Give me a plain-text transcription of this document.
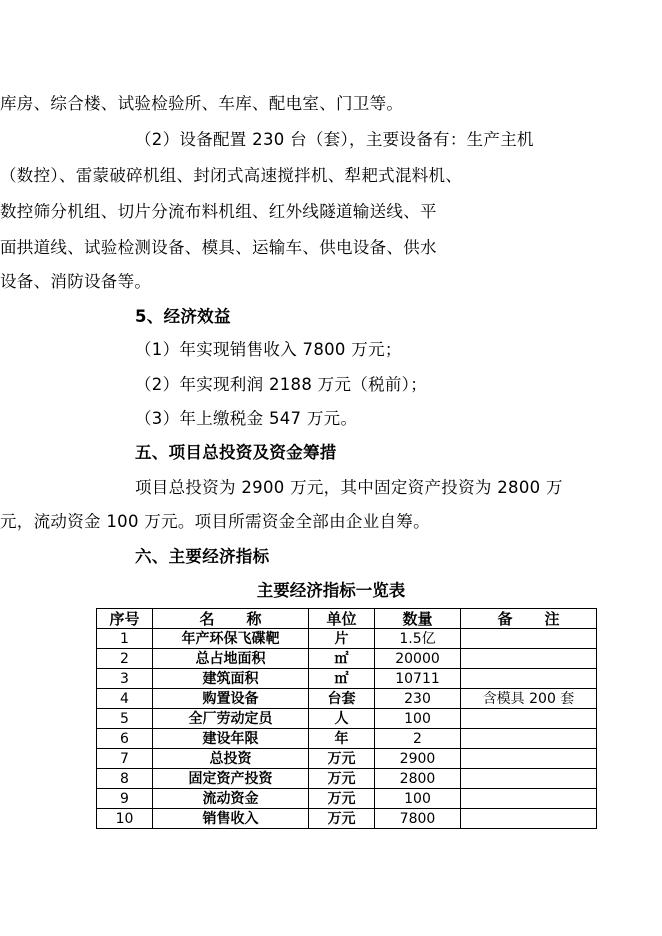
库房、综合楼、试验检验所、车库、配电室、门卫等。
（2）设备配置 230 台（套），主要设备有：生产主机
（数控）、雷蒙破碎机组、封闭式高速搅拌机、犁耙式混料机、
数控筛分机组、切片分流布料机组、红外线隧道输送线、平
面拱道线、试验检测设备、模具、运输车、供电设备、供水
设备、消防设备等。
5、经济效益
（1）年实现销售收入 7800 万元；
（2）年实现利润 2188 万元（税前）；
（3）年上缴税金 547 万元。
五、项目总投资及资金筹措
项目总投资为 2900 万元，其中固定资产投资为 2800 万
元，流动资金 100 万元。项目所需资金全部由企业自筹。
六、主要经济指标
主要经济指标一览表
序号	名称	单位	数量	备注
1	年产环保飞碟靶	片	1.5亿	
2	总占地面积	㎡	20000	
3	建筑面积	㎡	10711	
4	购置设备	台套	230	含模具 200 套
5	全厂劳动定员	人	100	
6	建设年限	年	2	
7	总投资	万元	2900	
8	固定资产投资	万元	2800	
9	流动资金	万元	100	
10	销售收入	万元	7800	
